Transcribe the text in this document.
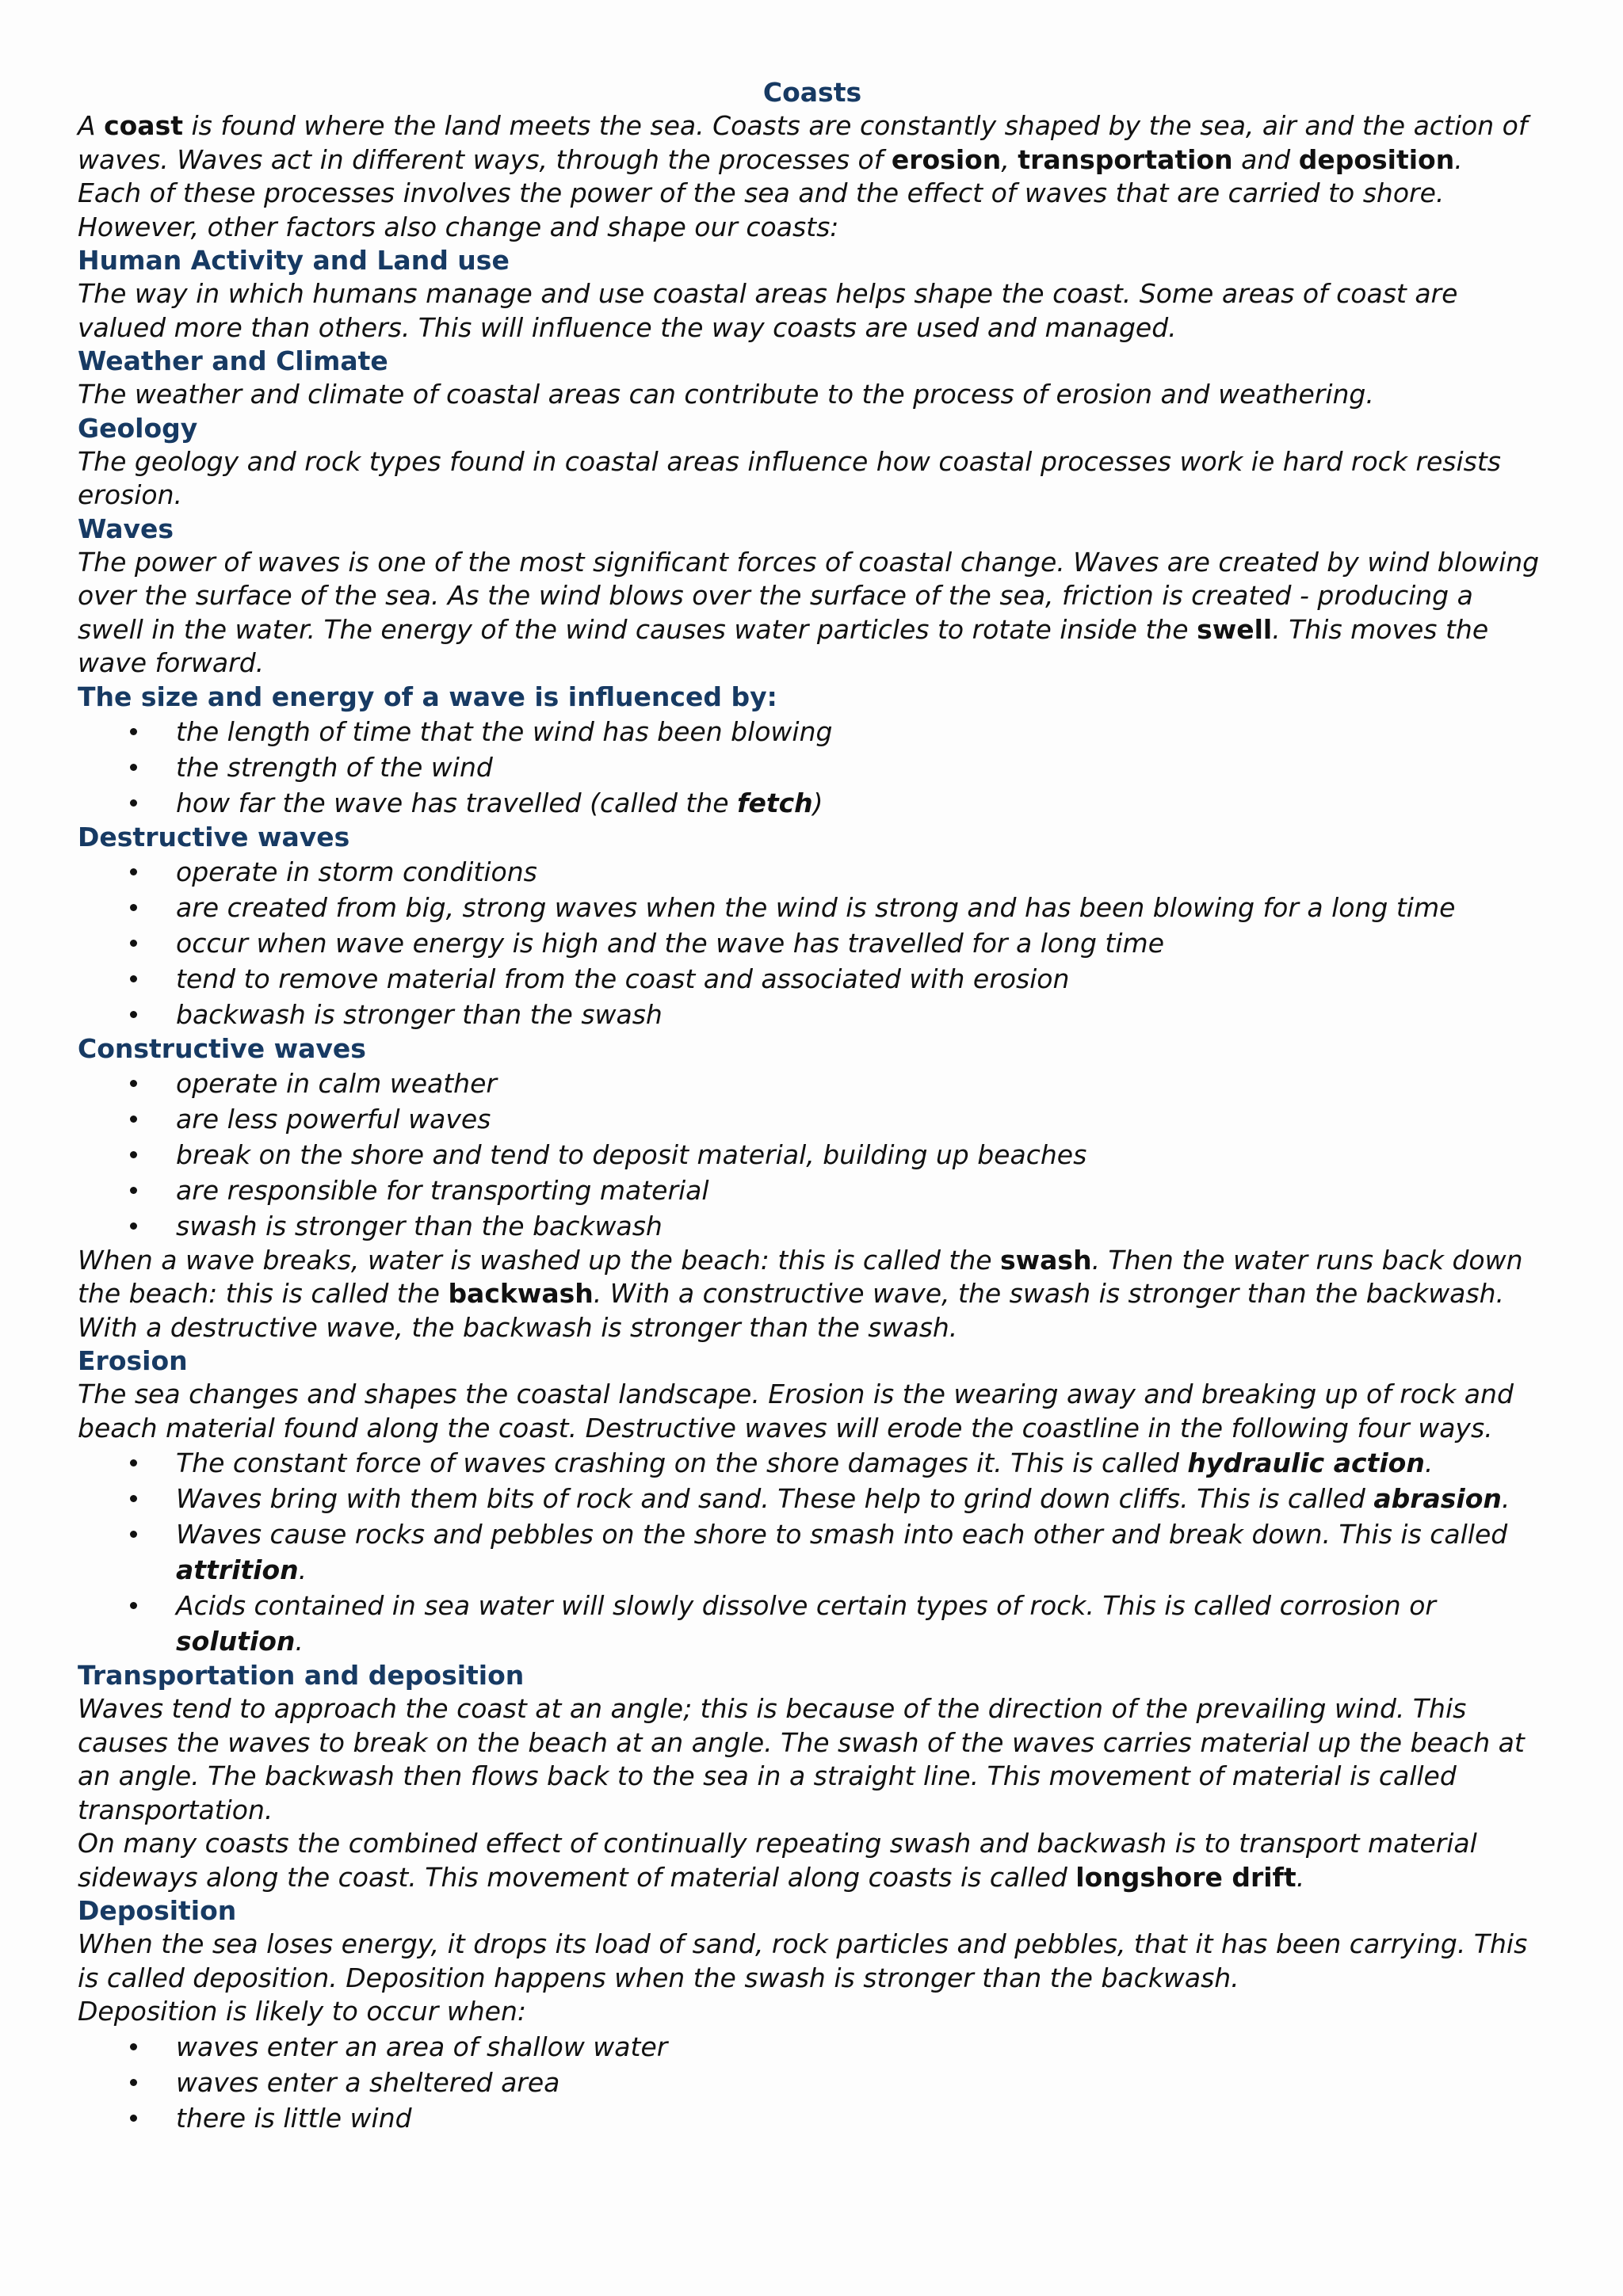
Coasts

A coast is found where the land meets the sea. Coasts are constantly shaped by the sea, air and the action of waves. Waves act in different ways, through the processes of erosion, transportation and deposition.

Each of these processes involves the power of the sea and the effect of waves that are carried to shore.

However, other factors also change and shape our coasts:

Human Activity and Land use

The way in which humans manage and use coastal areas helps shape the coast. Some areas of coast are valued more than others. This will influence the way coasts are used and managed.

Weather and Climate

The weather and climate of coastal areas can contribute to the process of erosion and weathering.

Geology

The geology and rock types found in coastal areas influence how coastal processes work ie hard rock resists erosion.

Waves

The power of waves is one of the most significant forces of coastal change. Waves are created by wind blowing over the surface of the sea. As the wind blows over the surface of the sea, friction is created - producing a swell in the water. The energy of the wind causes water particles to rotate inside the swell. This moves the wave forward.

The size and energy of a wave is influenced by:
the length of time that the wind has been blowing
the strength of the wind
how far the wave has travelled (called the fetch)
Destructive waves
operate in storm conditions
are created from big, strong waves when the wind is strong and has been blowing for a long time
occur when wave energy is high and the wave has travelled for a long time
tend to remove material from the coast and associated with erosion
backwash is stronger than the swash
Constructive waves
operate in calm weather
are less powerful waves
break on the shore and tend to deposit material, building up beaches
are responsible for transporting material
swash is stronger than the backwash

When a wave breaks, water is washed up the beach: this is called the swash. Then the water runs back down the beach: this is called the backwash. With a constructive wave, the swash is stronger than the backwash. With a destructive wave, the backwash is stronger than the swash.

Erosion

The sea changes and shapes the coastal landscape. Erosion is the wearing away and breaking up of rock and beach material found along the coast. Destructive waves will erode the coastline in the following four ways.

The constant force of waves crashing on the shore damages it. This is called hydraulic action.
Waves bring with them bits of rock and sand. These help to grind down cliffs. This is called abrasion.
Waves cause rocks and pebbles on the shore to smash into each other and break down. This is called attrition.
Acids contained in sea water will slowly dissolve certain types of rock. This is called corrosion or solution.
Transportation and deposition

Waves tend to approach the coast at an angle; this is because of the direction of the prevailing wind. This causes the waves to break on the beach at an angle. The swash of the waves carries material up the beach at an angle. The backwash then flows back to the sea in a straight line. This movement of material is called transportation.

On many coasts the combined effect of continually repeating swash and backwash is to transport material sideways along the coast. This movement of material along coasts is called longshore drift.

Deposition

When the sea loses energy, it drops its load of sand, rock particles and pebbles, that it has been carrying. This is called deposition. Deposition happens when the swash is stronger than the backwash.

Deposition is likely to occur when:

waves enter an area of shallow water
waves enter a sheltered area
there is little wind
